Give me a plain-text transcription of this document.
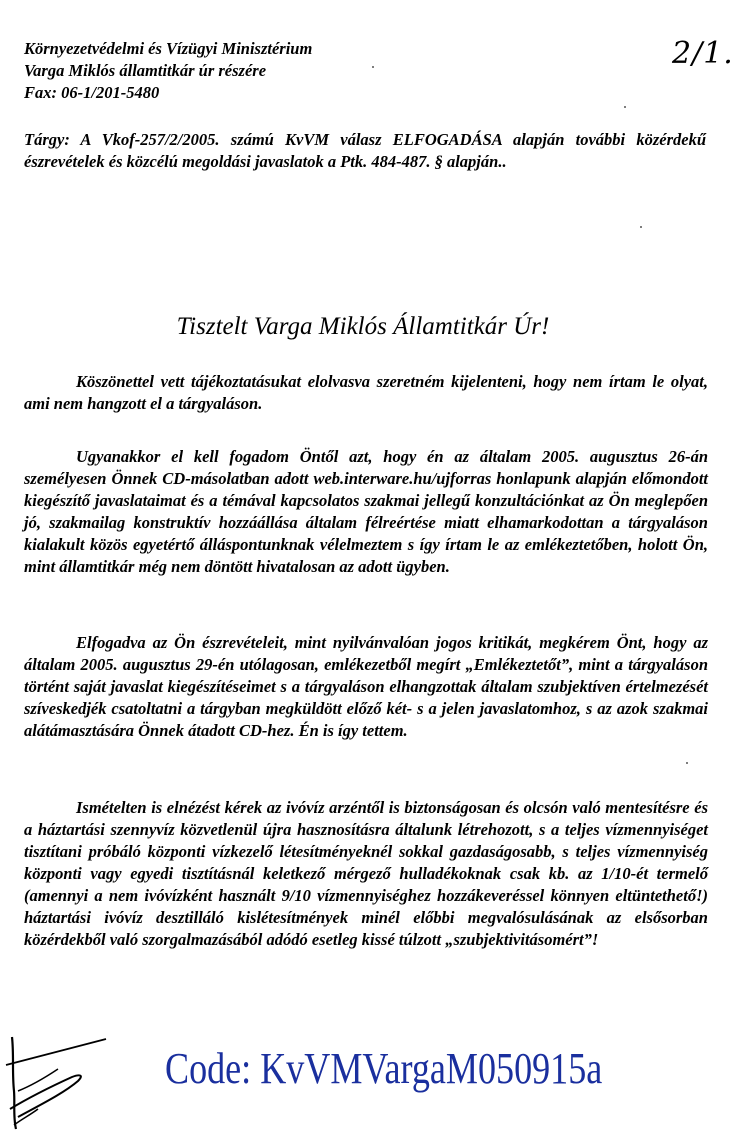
Környezetvédelmi és Vízügyi Minisztérium
Varga Miklós államtitkár úr részére
Fax: 06-1/201-5480
2/1.
Tárgy: A Vkof-257/2/2005. számú KvVM válasz ELFOGADÁSA alapján további közérdekű észrevételek és közcélú megoldási javaslatok a Ptk. 484-487. § alapján..
Tisztelt Varga Miklós Államtitkár Úr!
Köszönettel vett tájékoztatásukat elolvasva szeretném kijelenteni, hogy nem írtam le olyat, ami nem hangzott el a tárgyaláson.
Ugyanakkor el kell fogadom Öntől azt, hogy én az általam 2005. augusztus 26-án személyesen Önnek CD-másolatban adott web.interware.hu/ujforras honlapunk alapján előmondott kiegészítő javaslataimat és a témával kapcsolatos szakmai jellegű konzultációnkat az Ön meglepően jó, szakmailag konstruktív hozzáállása általam félreértése miatt elhamarkodottan a tárgyaláson kialakult közös egyetértő álláspontunknak vélelmeztem s így írtam le az emlékeztetőben, holott Ön, mint államtitkár még nem döntött hivatalosan az adott ügyben.
Elfogadva az Ön észrevételeit, mint nyilvánvalóan jogos kritikát, megkérem Önt, hogy az általam 2005. augusztus 29-én utólagosan, emlékezetből megírt „Emlékeztetőt”, mint a tárgyaláson történt saját javaslat kiegészítéseimet s a tárgyaláson elhangzottak általam szubjektíven értelmezését szíveskedjék csatoltatni a tárgyban megküldött előző két- s a jelen javaslatomhoz, s az azok szakmai alátámasztására Önnek átadott CD-hez. Én is így tettem.
Ismételten is elnézést kérek az ivóvíz arzéntől is biztonságosan és olcsón való mentesítésre és a háztartási szennyvíz közvetlenül újra hasznosításra általunk létrehozott, s a teljes vízmennyiséget tisztítani próbáló központi vízkezelő létesítményeknél sokkal gazdaságosabb, s teljes vízmennyiség központi vagy egyedi tisztításnál keletkező mérgező hulladékoknak csak kb. az 1/10-ét termelő (amennyi a nem ivóvízként használt 9/10 vízmennyiséghez hozzákeveréssel könnyen eltüntethető!) háztartási ivóvíz desztilláló kislétesítmények minél előbbi megvalósulásának az elsősorban közérdekből való szorgalmazásából adódó esetleg kissé túlzott „szubjektivitásomért”!
Code: KvVMVargaM050915a
